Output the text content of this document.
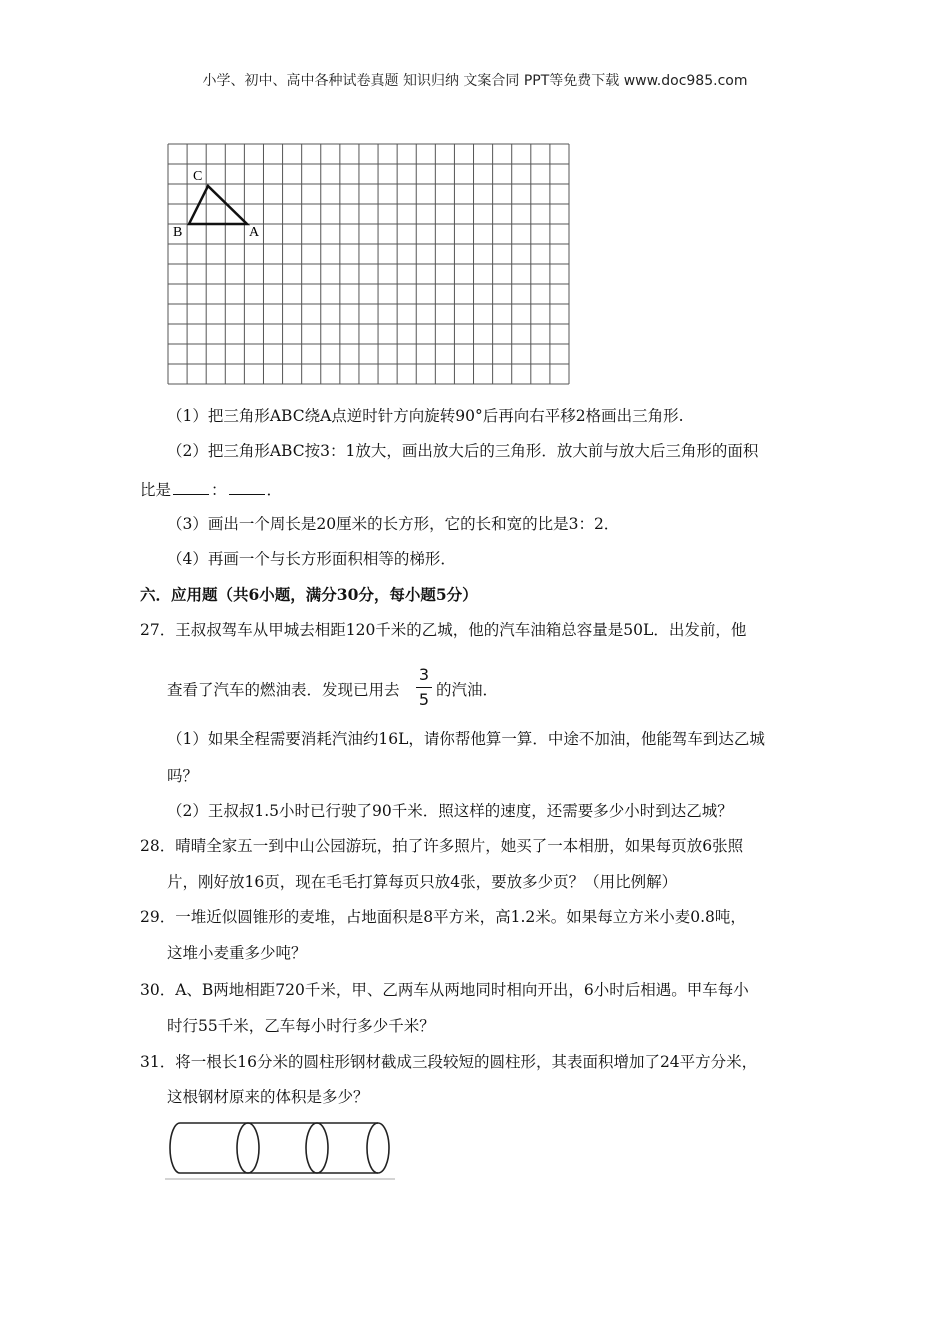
小学、初中、高中各种试卷真题 知识归纳 文案合同 PPT等免费下载 www.doc985.com
C
B	A
（1）把三角形ABC绕A点逆时针方向旋转90°后再向右平移2格画出三角形.
（2）把三角形ABC按3：1放大，画出放大后的三角形．放大前与放大后三角形的面积
比是	：	．
（3）画出一个周长是20厘米的长方形，它的长和宽的比是3：2．
（4）再画一个与长方形面积相等的梯形．
六．应用题（共6小题，满分30分，每小题5分）
27．王叔叔驾车从甲城去相距120千米的乙城，他的汽车油箱总容量是50L．出发前，他
查看了汽车的燃油表．发现已用去
3
5 的汽油．
（1）如果全程需要消耗汽油约16L，请你帮他算一算．中途不加油，他能驾车到达乙城
吗？
（2）王叔叔1.5小时已行驶了90千米．照这样的速度，还需要多少小时到达乙城？
28．晴晴全家五一到中山公园游玩，拍了许多照片，她买了一本相册，如果每页放6张照
片，刚好放16页，现在毛毛打算每页只放4张，要放多少页？（用比例解）
29．一堆近似圆锥形的麦堆，占地面积是8平方米，高1.2米。如果每立方米小麦0.8吨，
这堆小麦重多少吨？
30．A、B两地相距720千米，甲、乙两车从两地同时相向开出，6小时后相遇。甲车每小
时行55千米，乙车每小时行多少千米？
31．将一根长16分米的圆柱形钢材截成三段较短的圆柱形，其表面积增加了24平方分米，
这根钢材原来的体积是多少？
